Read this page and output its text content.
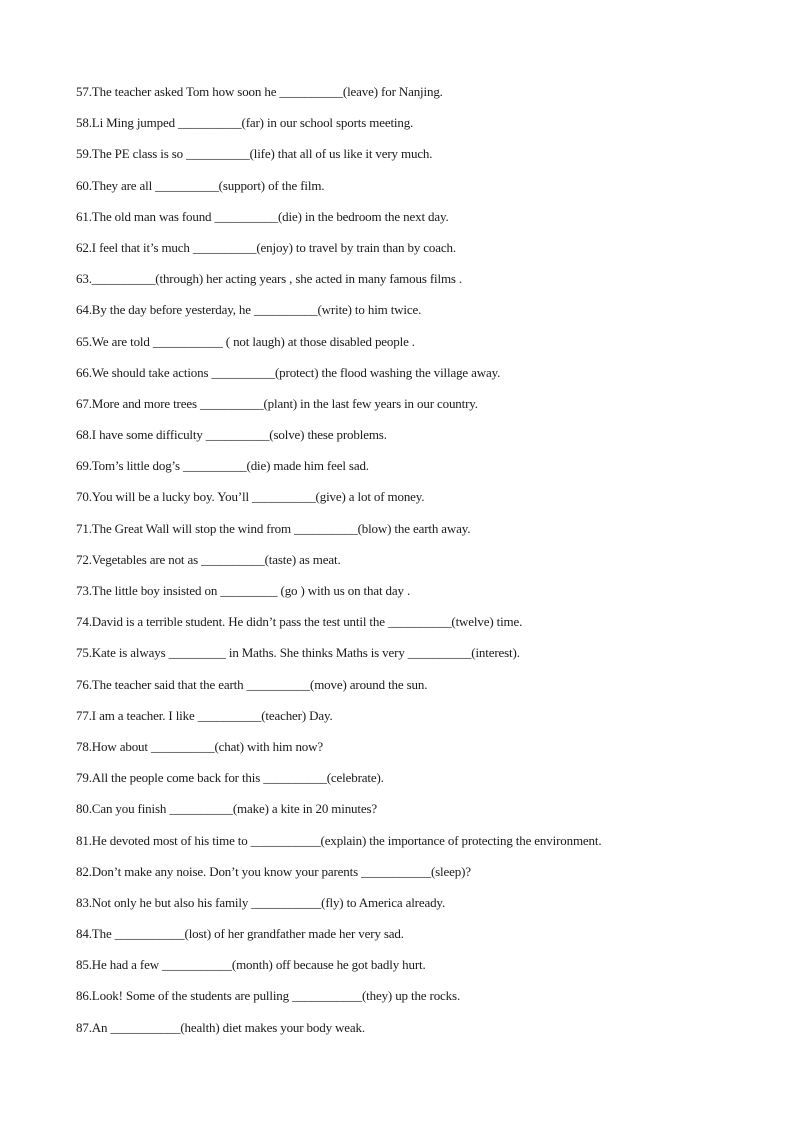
57.The teacher asked Tom how soon he __________(leave) for Nanjing.
58.Li Ming jumped __________(far) in our school sports meeting.
59.The PE class is so __________(life) that all of us like it very much.
60.They are all __________(support) of the film.
61.The old man was found __________(die) in the bedroom the next day.
62.I feel that it’s much __________(enjoy) to travel by train than by coach.
63.__________(through) her acting years , she acted in many famous films .
64.By the day before yesterday, he __________(write) to him twice.
65.We are told ___________ ( not laugh) at those disabled people .
66.We should take actions __________(protect) the flood washing the village away.
67.More and more trees __________(plant) in the last few years in our country.
68.I have some difficulty __________(solve) these problems.
69.Tom’s little dog’s __________(die) made him feel sad.
70.You will be a lucky boy. You’ll __________(give) a lot of money.
71.The Great Wall will stop the wind from __________(blow) the earth away.
72.Vegetables are not as __________(taste) as meat.
73.The little boy insisted on _________ (go ) with us on that day .
74.David is a terrible student. He didn’t pass the test until the __________(twelve) time.
75.Kate is always _________ in Maths. She thinks Maths is very __________(interest).
76.The teacher said that the earth __________(move) around the sun.
77.I am a teacher. I like __________(teacher) Day.
78.How about __________(chat) with him now?
79.All the people come back for this __________(celebrate).
80.Can you finish __________(make) a kite in 20 minutes?
81.He devoted most of his time to ___________(explain) the importance of protecting the environment.
82.Don’t make any noise. Don’t you know your parents ___________(sleep)?
83.Not only he but also his family ___________(fly) to America already.
84.The ___________(lost) of her grandfather made her very sad.
85.He had a few ___________(month) off because he got badly hurt.
86.Look! Some of the students are pulling ___________(they) up the rocks.
87.An ___________(health) diet makes your body weak.
